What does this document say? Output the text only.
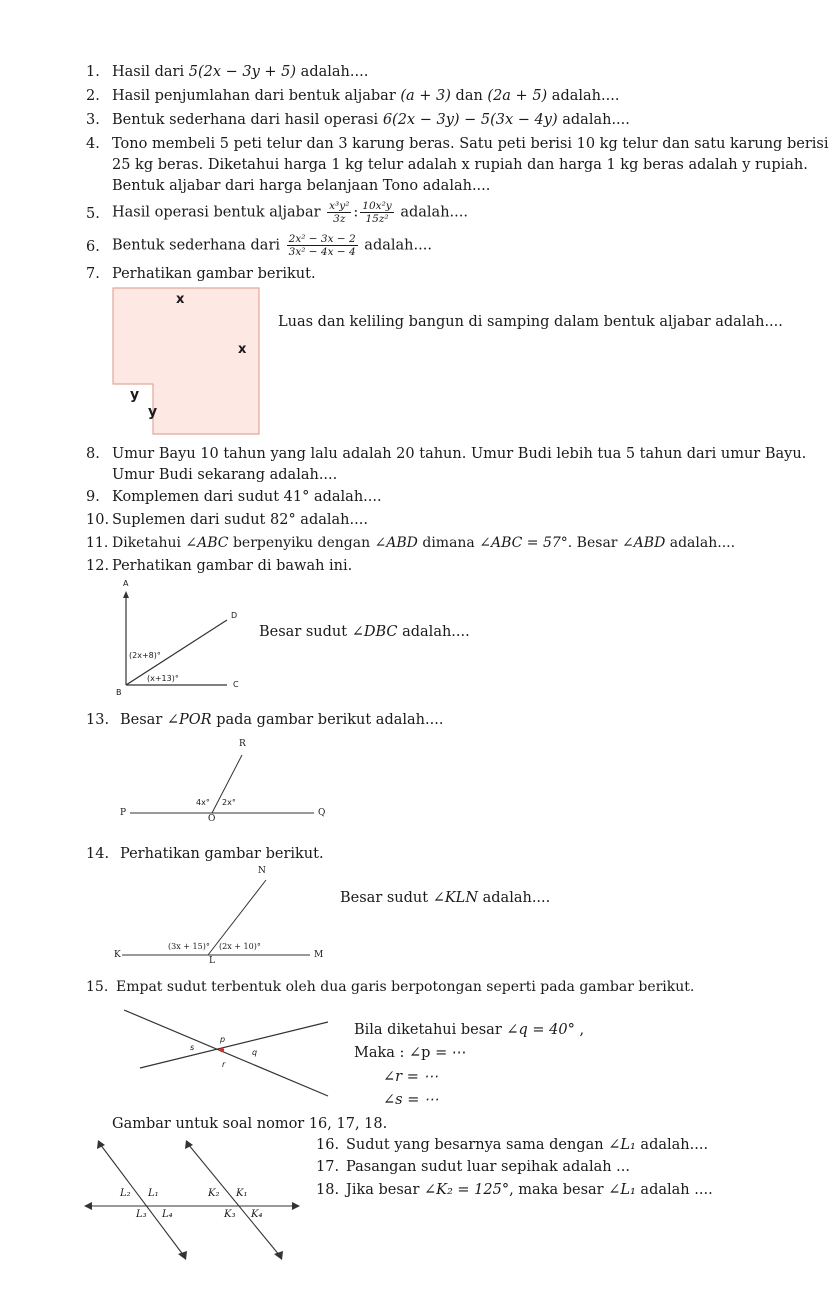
1. Hasil dari 5(2x − 3y + 5) adalah....
2. Hasil penjumlahan dari bentuk aljabar (a + 3) dan (2a + 5) adalah....
3. Bentuk sederhana dari hasil operasi 6(2x − 3y) − 5(3x − 4y) adalah....
4. Tono membeli 5 peti telur dan 3 karung beras. Satu peti berisi 10 kg telur dan satu karung berisi
25 kg beras. Diketahui harga 1 kg telur adalah x rupiah dan harga 1 kg beras adalah y rupiah.
Bentuk aljabar dari harga belanjaan Tono adalah....
5. Hasil operasi bentuk aljabar $\frac{\text{x³y²}}{3z}$ : $\frac{\text{10x²y}}{\text{15z²}}$ adalah....
6. Bentuk sederhana dari $\frac{\text{2x² − 3x − 2}}{\text{3x² − 4x − 4}}$ adalah....
7. Perhatikan gambar berikut.
x
x
y
y
Luas dan keliling bangun di samping dalam bentuk aljabar adalah....
8. Umur Bayu 10 tahun yang lalu adalah 20 tahun. Umur Budi lebih tua 5 tahun dari umur Bayu.
Umur Budi sekarang adalah....
9. Komplemen dari sudut 41° adalah....
10. Suplemen dari sudut 82° adalah....
11. Diketahui ∠ABC berpenyiku dengan ∠ABD dimana ∠ABC = 57°. Besar ∠ABD adalah....
12. Perhatikan gambar di bawah ini.
A
B
C
D
(2x+8)°
(x+13)°
Besar sudut ∠DBC adalah....
13. Besar ∠POR pada gambar berikut adalah....
P	Q
R
O
4x° 2x°
14. Perhatikan gambar berikut.
N
K	M
L
(3x + 15)° (2x + 10)°
Besar sudut ∠KLN adalah....
15. Empat sudut terbentuk oleh dua garis berpotongan seperti pada gambar berikut.
p
q
r
s
Bila diketahui besar ∠q = 40° ,
Maka : ∠p = ⋯
∠r = ⋯
∠s = ⋯
Gambar untuk soal nomor 16, 17, 18.
L₂ L₁
L₃ L₄
K₂ K₁
K₃ K₄
16. Sudut yang besarnya sama dengan ∠L₁ adalah....
17. Pasangan sudut luar sepihak adalah ...
18. Jika besar ∠K₂ = 125°, maka besar ∠L₁ adalah ....
